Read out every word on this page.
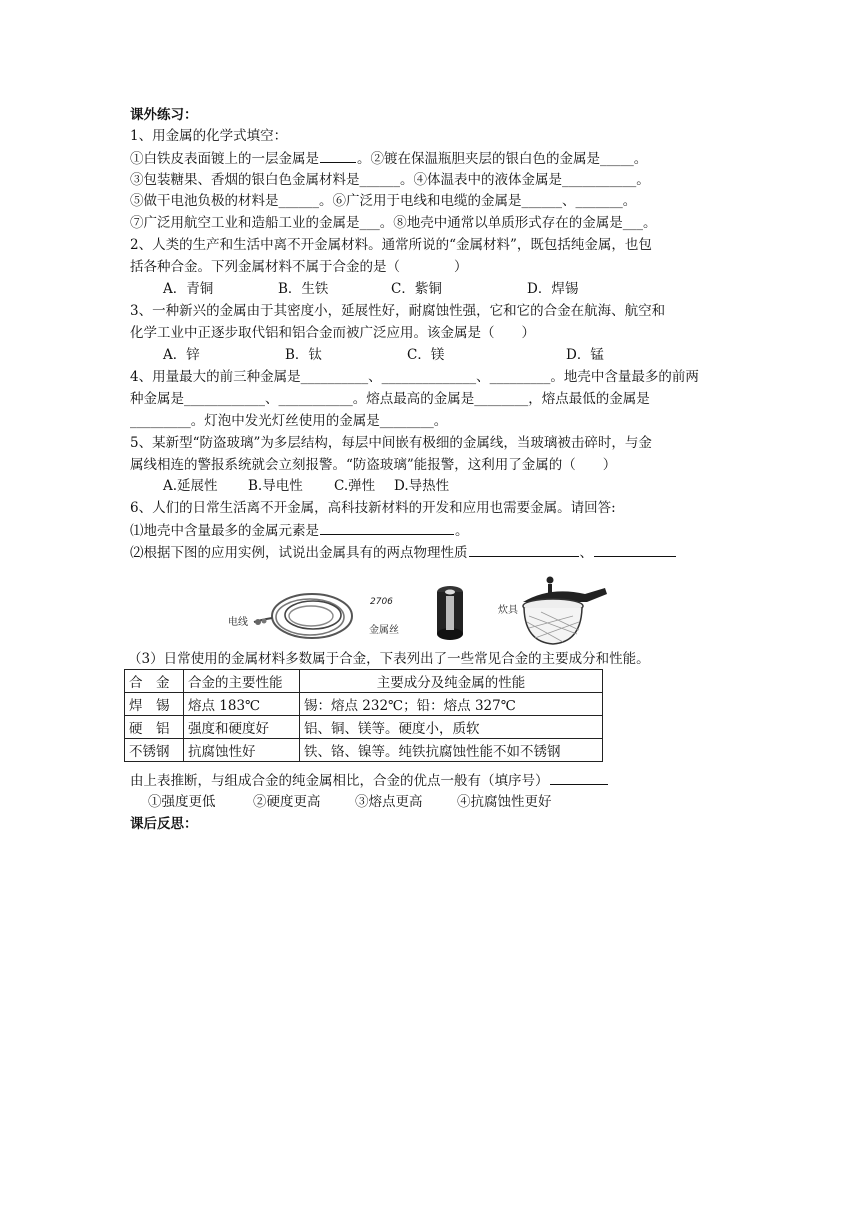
课外练习：
1、用金属的化学式填空：
①白铁皮表面镀上的一层金属是	。②镀在保温瓶胆夹层的银白色的金属是_____。
③包装糖果、香烟的银白色金属材料是______。④体温表中的液体金属是___________。
⑤做干电池负极的材料是______。⑥广泛用于电线和电缆的金属是______、_______。
⑦广泛用航空工业和造船工业的金属是___。⑧地壳中通常以单质形式存在的金属是___。
2、人类的生产和生活中离不开金属材料。通常所说的“金属材料”，既包括纯金属，也包
括各种合金。下列金属材料不属于合金的是（　　　　）
A．青铜	B．生铁	C．紫铜	D．焊锡
3、一种新兴的金属由于其密度小，延展性好，耐腐蚀性强，它和它的合金在航海、航空和
化学工业中正逐步取代铝和铝合金而被广泛应用。该金属是（　　）
A．锌	B．钛	C．镁	D．锰
4、用量最大的前三种金属是__________、______________、_________。地壳中含量最多的前两
种金属是____________、___________。熔点最高的金属是________，熔点最低的金属是
_________。灯泡中发光灯丝使用的金属是________。
5、某新型“防盗玻璃”为多层结构，每层中间嵌有极细的金属线，当玻璃被击碎时，与金
属线相连的警报系统就会立刻报警。“防盗玻璃”能报警，这利用了金属的（　　）
A.延展性 B.导电性 C.弹性 D.导热性
6、人们的日常生活离不开金属，高科技新材料的开发和应用也需要金属。请回答:
⑴地壳中含量最多的金属元素是	。
⑵根据下图的应用实例，试说出金属具有的两点物理性质	、
电线
2706
金属丝
炊具
（3）日常使用的金属材料多数属于合金，下表列出了一些常见合金的主要成分和性能。
合　金	合金的主要性能	主要成分及纯金属的性能
焊　锡	熔点 183℃	锡：熔点 232℃；铅：熔点 327℃
硬　铝	强度和硬度好	铝、铜、镁等。硬度小，质软
不锈钢	抗腐蚀性好	铁、铬、镍等。纯铁抗腐蚀性能不如不锈钢
由上表推断，与组成合金的纯金属相比，合金的优点一般有（填序号）
①强度更低	②硬度更高	③熔点更高	④抗腐蚀性更好
课后反思：
